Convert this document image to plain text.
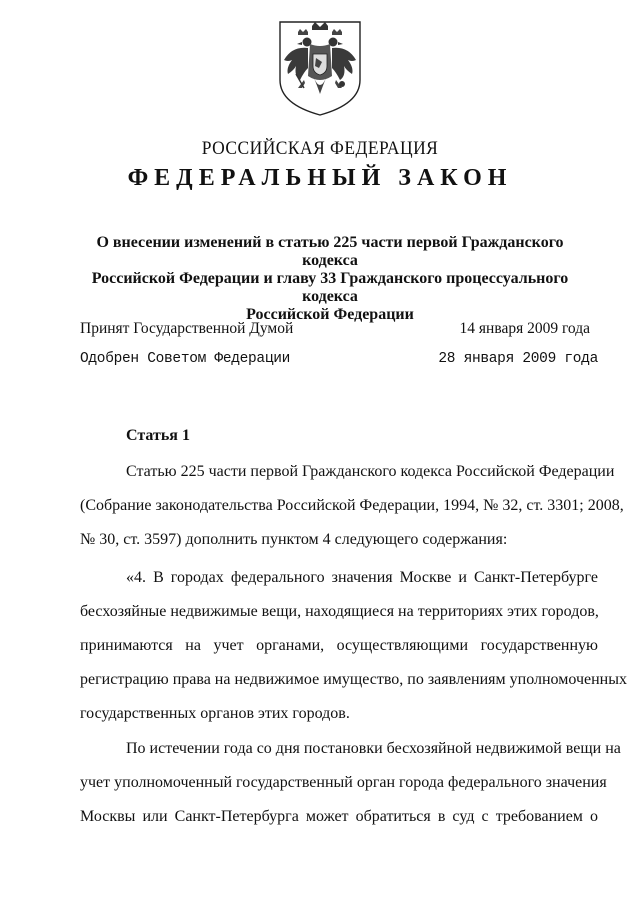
РОССИЙСКАЯ ФЕДЕРАЦИЯ
ФЕДЕРАЛЬНЫЙ ЗАКОН
О внесении изменений в статью 225 части первой Гражданского кодекса
Российской Федерации и главу 33 Гражданского процессуального кодекса
Российской Федерации
Принят Государственной Думой	14 января 2009 года
Одобрен Советом Федерации	28 января 2009 года
Статья 1
Статью 225 части первой Гражданского кодекса Российской Федерации
(Собрание законодательства Российской Федерации, 1994, № 32, ст. 3301; 2008,
№ 30, ст. 3597) дополнить пунктом 4 следующего содержания:
«4. В городах федерального значения Москве и Санкт-Петербурге
бесхозяйные недвижимые вещи, находящиеся на территориях этих городов,
принимаются на учет органами, осуществляющими государственную
регистрацию права на недвижимое имущество, по заявлениям уполномоченных
государственных органов этих городов.
По истечении года со дня постановки бесхозяйной недвижимой вещи на
учет уполномоченный государственный орган города федерального значения
Москвы или Санкт-Петербурга может обратиться в суд с требованием о
